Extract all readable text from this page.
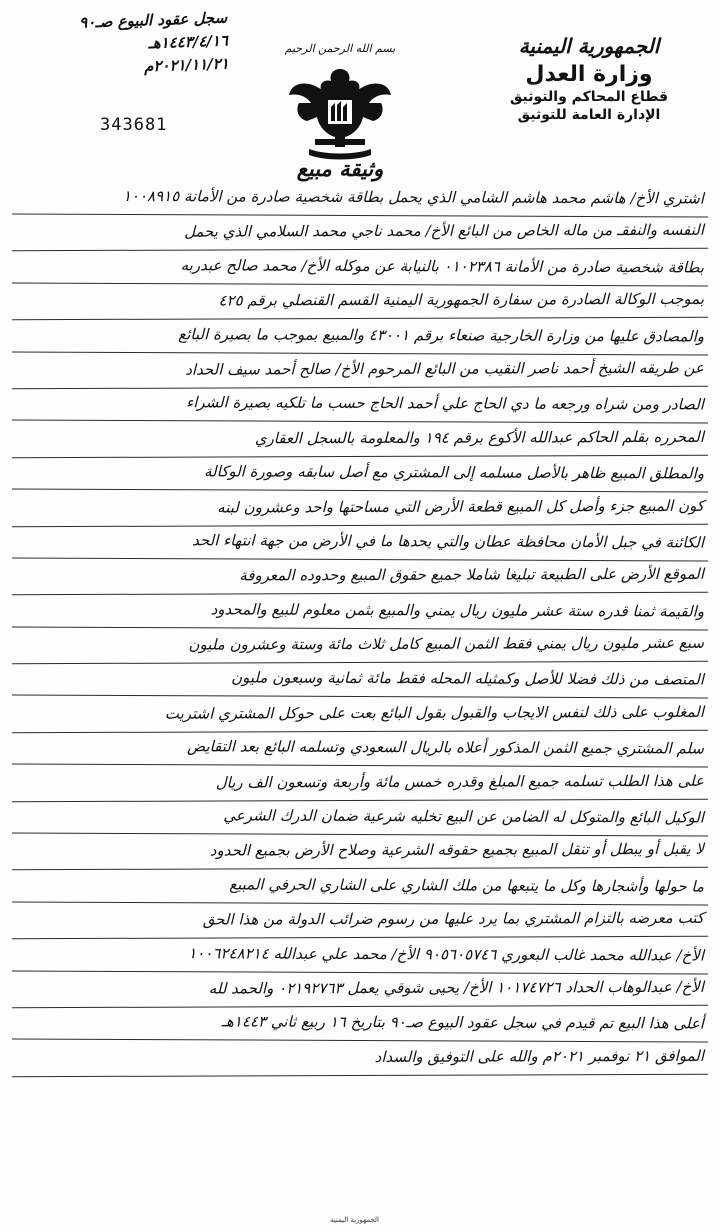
سجل عقود البيوع صـ٩٠
١٤٤٣/٤/١٦هـ
٢٠٢١/١١/٢١م
343681
بسم الله الرحمن الرحيم
وثيقة مبيع
الجمهورية اليمنية
وزارة العدل
قطاع المحاكم والتوثيق
الإدارة العامة للتوثيق

اشتري الأخ/ هاشم محمد هاشم الشامي الذي يحمل بطاقة شخصية صادرة من الأمانة ١٠٠٨٩١٥

النفسه والنفقـ من ماله الخاص من البائع الأخ/ محمد ناجي محمد السلامي الذي يحمل

بطاقة شخصية صادرة من الأمانة ٠١٠٢٣٨٦ بالنيابة عن موكله الأخ/ محمد صالح عبدربه

بموجب الوكالة الصادرة من سفارة الجمهورية اليمنية القسم القنصلي برقم ٤٢٥

والمصادق عليها من وزارة الخارجية صنعاء برقم ٤٣٠٠١ والمبيع بموجب ما بصيرة البائع

عن طريقه الشيخ أحمد ناصر النقيب من البائع المرحوم الأخ/ صالح أحمد سيف الحداد

الصادر ومن شراه ورجعه ما دي الحاج علي أحمد الحاج حسب ما تلكيه بصيرة الشراء

المحرره بقلم الحاكم عبدالله الأكوع برقم ١٩٤ والمعلومة بالسجل العقاري

والمطلق المبيع ظاهر بالأصل مسلمه إلى المشتري مع أصل سابقه وصورة الوكالة

كون المبيع جزء وأصل كل المبيع قطعة الأرض التي مساحتها واحد وعشرون لبنه

الكائنة في جبل الأمان محافظة عطان والتي يحدها ما في الأرض من جهة انتهاء الحد

الموقع الأرض على الطبيعة تبليغا شاملا جميع حقوق المبيع وحدوده المعروفة

والقيمة ثمنا قدره ستة عشر مليون ريال يمني والمبيع بثمن معلوم للبيع والمحدود

سبع عشر مليون ريال يمني فقط الثمن المبيع كامل ثلاث مائة وستة وعشرون مليون

المتصف من ذلك فضلا للأصل وكمثيله المحله فقط مائة ثمانية وسبعون مليون

المغلوب على ذلك لنفس الايجاب والقبول بقول البائع بعت على حوكل المشتري اشتريت

سلم المشتري جميع الثمن المذكور أعلاه بالريال السعودي وتسلمه البائع بعد التقايض

على هذا الطلب تسلمه جميع المبلغ وقدره خمس مائة وأربعة وتسعون الف ريال

الوكيل البائع والمتوكل له الضامن عن البيع تخليه شرعية ضمان الدرك الشرعي

لا يقبل أو يبطل أو تنقل المبيع بجميع حقوقه الشرعية وصلاح الأرض بجميع الحدود

ما حولها وأشجارها وكل ما يتبعها من ملك الشاري على الشاري الحرفي المبيع

كتب معرضه بالتزام المشتري بما يرد عليها من رسوم ضرائب الدولة من هذا الحق

الأخ/ عبدالله محمد غالب البعوري ٩٠٥٦٠٥٧٤٦ الأخ/ محمد علي عبدالله ١٠٠٦٢٤٨٢١٤

الأخ/ عبدالوهاب الحداد ١٠١٧٤٧٢٦ الأخ/ يحيى شوقي يعمل ٠٢١٩٢٧٦٣ والحمد لله

أعلى هذا البيع تم قيدم في سجل عقود البيوع صـ٩٠ بتاريخ ١٦ ربيع ثاني ١٤٤٣هـ

الموافق ٢١ نوفمبر ٢٠٢١م والله على التوفيق والسداد

الجمهورية اليمنية
